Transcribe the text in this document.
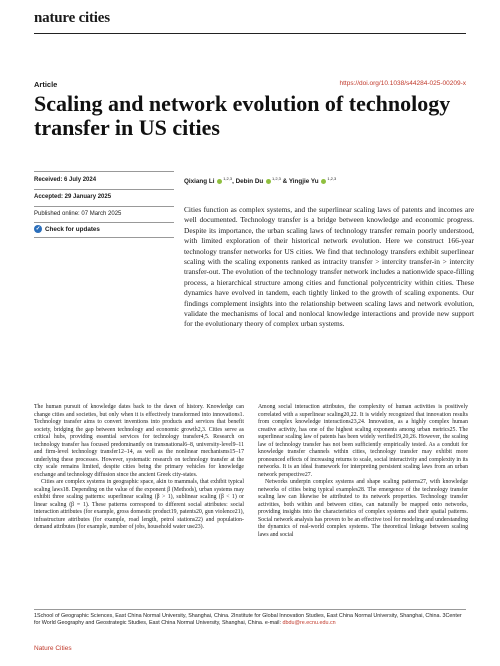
nature cities
Article	https://doi.org/10.1038/s44284-025-00209-x
Scaling and network evolution of technology transfer in US cities
Received: 6 July 2024
Accepted: 29 January 2025
Published online: 07 March 2025
✓ Check for updates
Qixiang Li $^{1,2,3}$, Debin Du $^{1,2,3}$ & Yingjie Yu $^{1,2,3}$
Cities function as complex systems, and the superlinear scaling laws of patents and incomes are well documented. Technology transfer is a bridge between knowledge and economic progress. Despite its importance, the urban scaling laws of technology transfer remain poorly understood, with limited exploration of their historical network evolution. Here we construct 166-year technology transfer networks for US cities. We find that technology transfers exhibit superlinear scaling with the scaling exponents ranked as intracity transfer > intercity transfer-in > intercity transfer-out. The evolution of the technology transfer network includes a nationwide space-filling process, a hierarchical structure among cities and functional polycentricity within cities. These dynamics have evolved in tandem, each tightly linked to the growth of scaling exponents. Our findings complement insights into the relationship between scaling laws and network evolution, validate the mechanisms of local and nonlocal knowledge interactions and provide new support for the evolutionary theory of complex urban systems.

The human pursuit of knowledge dates back to the dawn of history. Knowledge can change cities and societies, but only when it is effectively transformed into innovations1. Technology transfer aims to convert inventions into products and services that benefit society, bridging the gap between technology and economic growth2,3. Cities serve as critical hubs, providing essential services for technology transfer4,5. Research on technology transfer has focused predominantly on transnational6–8, university-level9–11 and firm-level technology transfer12–14, as well as the nonlinear mechanisms15–17 underlying these processes. However, systematic research on technology transfer at the city scale remains limited, despite cities being the primary vehicles for knowledge exchange and technology diffusion since the ancient Greek city-states.

Cities are complex systems in geographic space, akin to mammals, that exhibit typical scaling laws18. Depending on the value of the exponent β (Methods), urban systems may exhibit three scaling patterns: superlinear scaling (β > 1), sublinear scaling (β < 1) or linear scaling (β = 1). These patterns correspond to different social attributes: social interaction attributes (for example, gross domestic product19, patents20, gun violence21), infrastructure attributes (for example, road length, petrol stations22) and population-demand attributes (for example, number of jobs, household water use23).

Among social interaction attributes, the complexity of human activities is positively correlated with a superlinear scaling20,22. It is widely recognized that innovation results from complex knowledge interactions23,24. Innovation, as a highly complex human creative activity, has one of the highest scaling exponents among urban metrics25. The superlinear scaling law of patents has been widely verified19,20,26. However, the scaling law of technology transfer has not been sufficiently empirically tested. As a conduit for knowledge transfer channels within cities, technology transfer may exhibit more pronounced effects of increasing returns to scale, social interactivity and complexity in its networks. It is an ideal framework for interpreting persistent scaling laws from an urban network perspective27.

Networks underpin complex systems and shape scaling patterns27, with knowledge networks of cities being typical examples28. The emergence of the technology transfer scaling law can likewise be attributed to its network properties. Technology transfer activities, both within and between cities, can naturally be mapped onto networks, providing insights into the characteristics of complex systems and their spatial patterns. Social network analysis has proven to be an effective tool for modeling and understanding the dynamics of real-world complex systems. The theoretical linkage between scaling laws and social

1School of Geographic Sciences, East China Normal University, Shanghai, China. 2Institute for Global Innovation Studies, East China Normal University, Shanghai, China. 3Center for World Geography and Geostrategic Studies, East China Normal University, Shanghai, China. e-mail: dbdu@re.ecnu.edu.cn
Nature Cities
